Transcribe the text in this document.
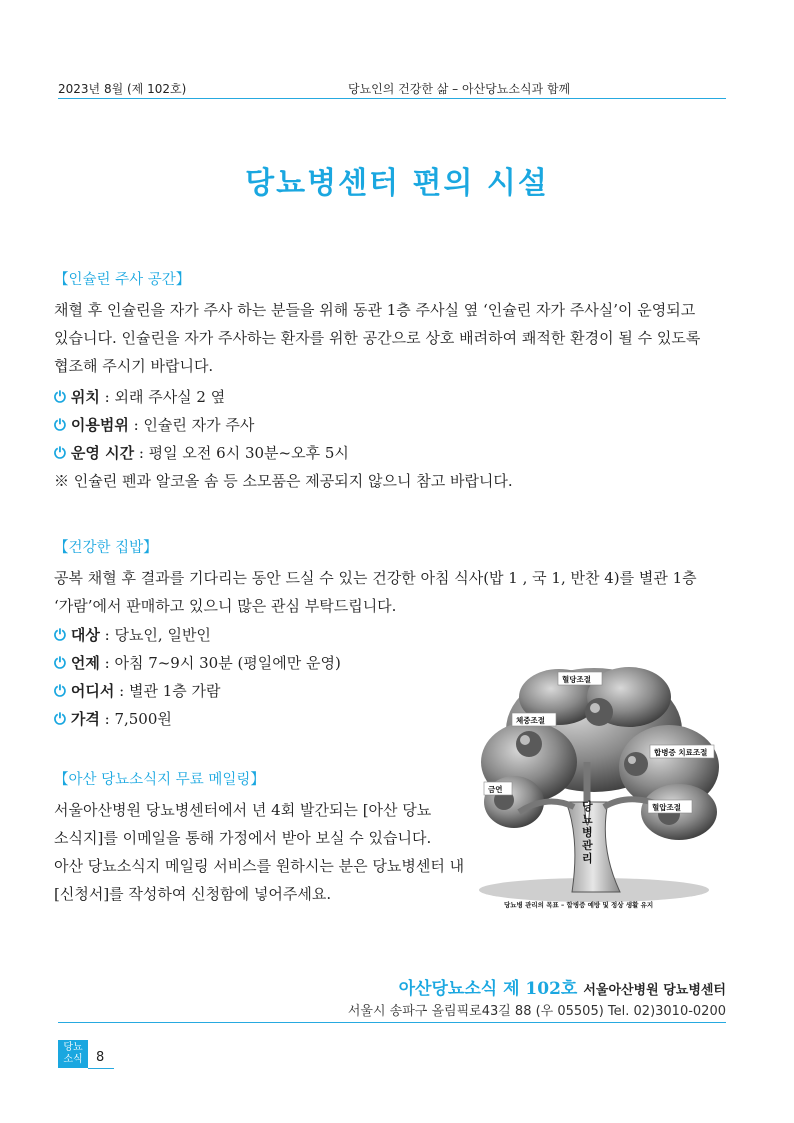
2023년 8월 (제 102호)	당뇨인의 건강한 삶 – 아산당뇨소식과 함께
당뇨병센터 편의 시설
【인슐린 주사 공간】
채혈 후 인슐린을 자가 주사 하는 분들을 위해 동관 1층 주사실 옆 ‘인슐린 자가 주사실’이 운영되고
있습니다. 인슐린을 자가 주사하는 환자를 위한 공간으로 상호 배려하여 쾌적한 환경이 될 수 있도록
협조해 주시기 바랍니다.
⏻ 위치 : 외래 주사실 2 옆
⏻ 이용범위 : 인슐린 자가 주사
⏻ 운영 시간 : 평일 오전 6시 30분~오후 5시
※ 인슐린 펜과 알코올 솜 등 소모품은 제공되지 않으니 참고 바랍니다.
【건강한 집밥】
공복 채혈 후 결과를 기다리는 동안 드실 수 있는 건강한 아침 식사(밥 1 , 국 1, 반찬 4)를 별관 1층
‘가람’에서 판매하고 있으니 많은 관심 부탁드립니다.
⏻ 대상 : 당뇨인, 일반인
⏻ 언제 : 아침 7~9시 30분 (평일에만 운영)
⏻ 어디서 : 별관 1층 가람
⏻ 가격 : 7,500원
【아산 당뇨소식지 무료 메일링】
서울아산병원 당뇨병센터에서 년 4회 발간되는 [아산 당뇨
소식지]를 이메일을 통해 가정에서 받아 보실 수 있습니다.
아산 당뇨소식지 메일링 서비스를 원하시는 분은 당뇨병센터 내
[신청서]를 작성하여 신청함에 넣어주세요.
혈당조절
체중조절
합병증 치료조절
금연
혈압조절
당
뇨
병
관
리
당뇨병 관리의 목표 – 합병증 예방 및 정상 생활 유지
아산당뇨소식 제 102호 서울아산병원 당뇨병센터
서울시 송파구 올림픽로43길 88 (우 05505) Tel. 02)3010-0200
당뇨
소식	8
